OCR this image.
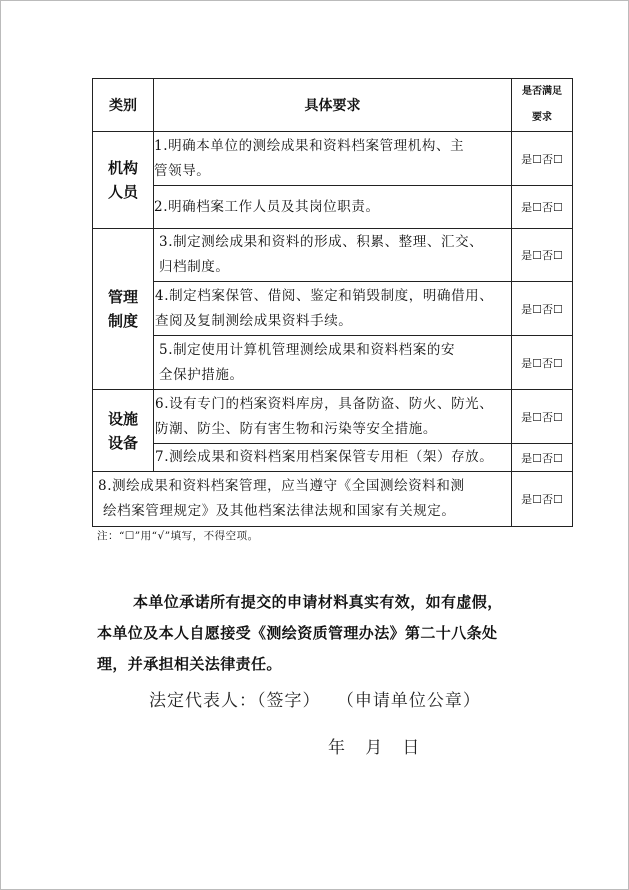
类别	具体要求	是否满足
要求
机构
人员	1.明确本单位的测绘成果和资料档案管理机构、主
管领导。	是☐否☐
	2.明确档案工作人员及其岗位职责。	是☐否☐
管理
制度	3.制定测绘成果和资料的形成、积累、整理、汇交、
归档制度。	是☐否☐
	4.制定档案保管、借阅、鉴定和销毁制度，明确借用、
查阅及复制测绘成果资料手续。	是☐否☐
	5.制定使用计算机管理测绘成果和资料档案的安
全保护措施。	是☐否☐
设施
设备	6.设有专门的档案资料库房，具备防盗、防火、防光、
防潮、防尘、防有害生物和污染等安全措施。	是☐否☐
	7.测绘成果和资料档案用档案保管专用柜（架）存放。	是☐否☐
8.测绘成果和资料档案管理，应当遵守《全国测绘资料和测
绘档案管理规定》及其他档案法律法规和国家有关规定。		是☐否☐
注：“☐”用“√”填写，不得空项。

本单位承诺所有提交的申请材料真实有效，如有虚假，

本单位及本人自愿接受《测绘资质管理办法》第二十八条处

理，并承担相关法律责任。

法定代表人：（签字） （申请单位公章）
年   月   日
